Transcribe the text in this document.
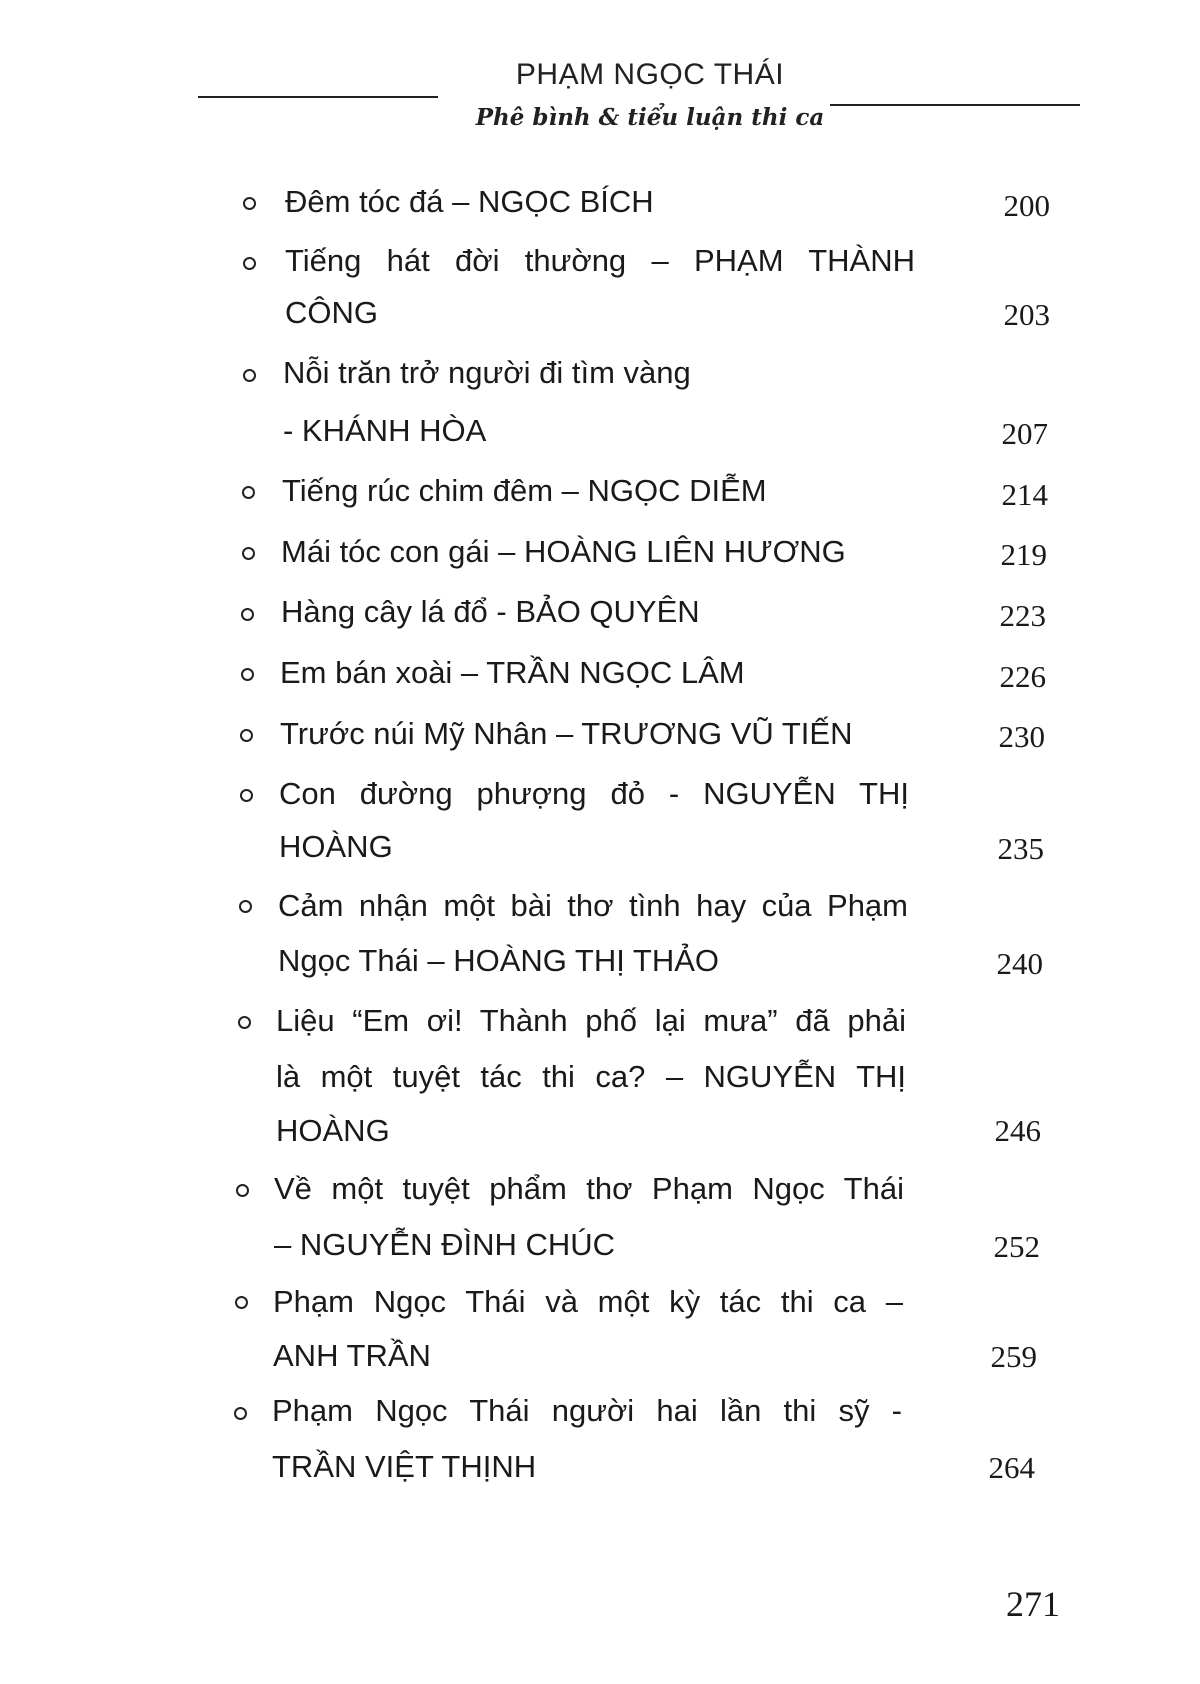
PHẠM NGỌC THÁI
Phê bình & tiểu luận thi ca
Đêm tóc đá – NGỌC BÍCH	200
Tiếng hát đời thường – PHẠM THÀNH
CÔNG	203
Nỗi trăn trở người đi tìm vàng
- KHÁNH HÒA	207
Tiếng rúc chim đêm – NGỌC DIỄM	214
Mái tóc con gái – HOÀNG LIÊN HƯƠNG	219
Hàng cây lá đổ - BẢO QUYÊN	223
Em bán xoài – TRẦN NGỌC LÂM	226
Trước núi Mỹ Nhân – TRƯƠNG VŨ TIẾN	230
Con đường phượng đỏ - NGUYỄN THỊ
HOÀNG	235
Cảm nhận một bài thơ tình hay của Phạm
Ngọc Thái – HOÀNG THỊ THẢO	240
Liệu “Em ơi! Thành phố lại mưa” đã phải
là một tuyệt tác thi ca? – NGUYỄN THỊ
HOÀNG	246
Về một tuyệt phẩm thơ Phạm Ngọc Thái
– NGUYỄN ĐÌNH CHÚC	252
Phạm Ngọc Thái và một kỳ tác thi ca –
ANH TRẦN	259
Phạm Ngọc Thái người hai lần thi sỹ -
TRẦN VIỆT THỊNH	264
271
